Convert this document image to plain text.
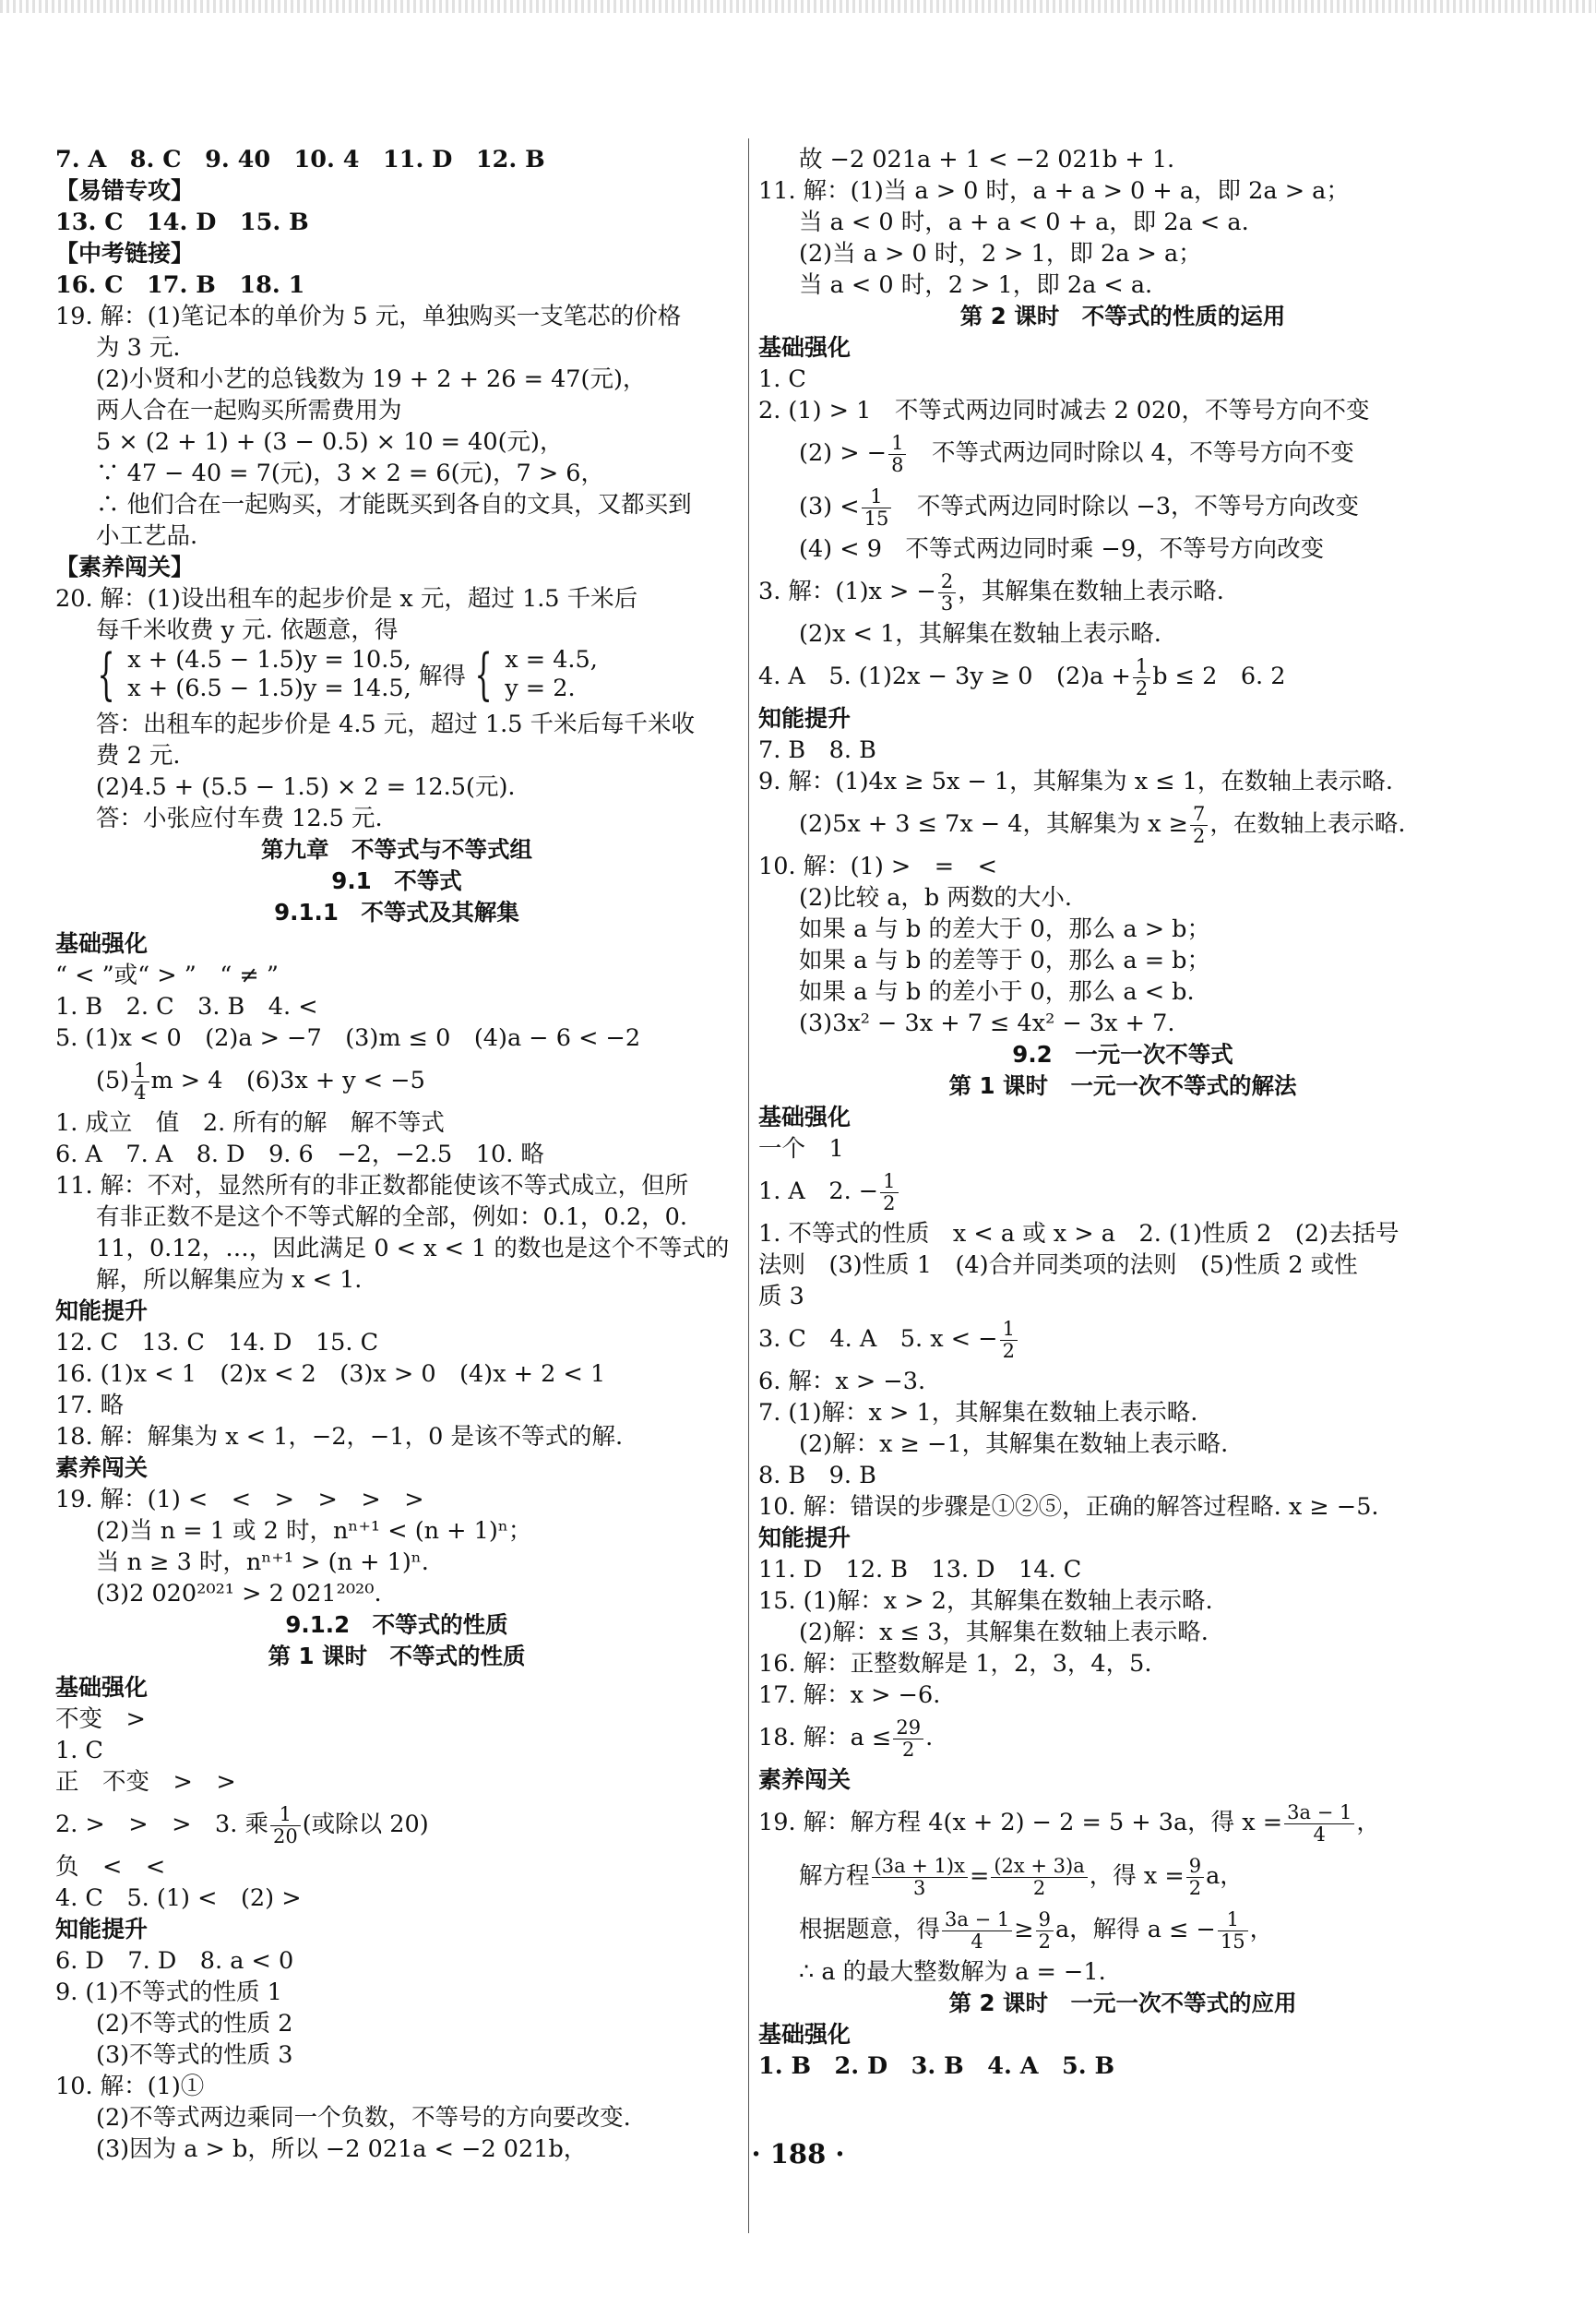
7. A　8. C　9. 40　10. 4　11. D　12. B
【易错专攻】
13. C　14. D　15. B
【中考链接】
16. C　17. B　18. 1
19. 解：(1)笔记本的单价为 5 元，单独购买一支笔芯的价格
为 3 元.
(2)小贤和小艺的总钱数为 19 + 2 + 26 = 47(元)，
两人合在一起购买所需费用为
5 × (2 + 1) + (3 − 0.5) × 10 = 40(元)，
∵ 47 − 40 = 7(元)，3 × 2 = 6(元)，7 > 6，
∴ 他们合在一起购买，才能既买到各自的文具，又都买到
小工艺品.
【素养闯关】
20. 解：(1)设出租车的起步价是 x 元，超过 1.5 千米后
每千米收费 y 元. 依题意，得
{ x + (4.5 − 1.5)y = 10.5,
x + (6.5 − 1.5)y = 14.5, 解得 { x = 4.5,
y = 2.
答：出租车的起步价是 4.5 元，超过 1.5 千米后每千米收
费 2 元.
(2)4.5 + (5.5 − 1.5) × 2 = 12.5(元).
答：小张应付车费 12.5 元.
第九章　不等式与不等式组
9.1　不等式
9.1.1　不等式及其解集
基础强化
“ < ”或“ > ”　“ ≠ ”
1. B　2. C　3. B　4. <
5. (1)x < 0　(2)a > −7　(3)m ≤ 0　(4)a − 6 < −2
$(5) \frac{1}{4}$ m > 4　(6)3x + y < −5
1. 成立　值　2. 所有的解　解不等式
6. A　7. A　8. D　9. 6　−2，−2.5　10. 略
11. 解：不对，显然所有的非正数都能使该不等式成立，但所
有非正数不是这个不等式解的全部，例如：0.1，0.2，0.
11，0.12，…，因此满足 0 < x < 1 的数也是这个不等式的
解，所以解集应为 x < 1.
知能提升
12. C　13. C　14. D　15. C
16. (1)x < 1　(2)x < 2　(3)x > 0　(4)x + 2 < 1
17. 略
18. 解：解集为 x < 1，−2，−1，0 是该不等式的解.
素养闯关
19. 解：(1) <　<　>　>　>　>
(2)当 n = 1 或 2 时，nⁿ⁺¹ < (n + 1)ⁿ；
当 n ≥ 3 时，nⁿ⁺¹ > (n + 1)ⁿ.
(3)2 020²⁰²¹ > 2 021²⁰²⁰.
9.1.2　不等式的性质
第 1 课时　不等式的性质
基础强化
不变　>
1. C
正　不变　>　>
2. >　>　>　3. 乘 $\frac{1}{20}$ (或除以 20)
负　<　<
4. C　5. (1) <　(2) >
知能提升
6. D　7. D　8. a < 0
9. (1)不等式的性质 1
(2)不等式的性质 2
(3)不等式的性质 3
10. 解：(1)①
(2)不等式两边乘同一个负数，不等号的方向要改变.
(3)因为 a > b，所以 −2 021a < −2 021b，
故 −2 021a + 1 < −2 021b + 1.
11. 解：(1)当 a > 0 时，a + a > 0 + a，即 2a > a；
当 a < 0 时，a + a < 0 + a，即 2a < a.
(2)当 a > 0 时，2 > 1，即 2a > a；
当 a < 0 时，2 > 1，即 2a < a.
第 2 课时　不等式的性质的运用
基础强化
1. C
2. (1) > 1　不等式两边同时减去 2 020，不等号方向不变
(2) > − $\frac{1}{8}$
　 不等式两边同时除以 4，不等号方向不变
$(3) < \frac{1}{15}$
　 不等式两边同时除以 −3，不等号方向改变
(4) < 9　不等式两边同时乘 −9，不等号方向改变
3. 解：(1)x > − $\frac{2}{3}$ ，其解集在数轴上表示略.
(2)x < 1，其解集在数轴上表示略.
4. A　5. (1)2x − 3y ≥ 0　$(2)a + \frac{1}{2}$ b ≤ 2　6. 2
知能提升
7. B　8. B
9. 解：(1)4x ≥ 5x − 1，其解集为 x ≤ 1，在数轴上表示略.
(2)5x + 3 ≤ 7x − 4，其解集为 $x \ge \frac{7}{2}$ ，在数轴上表示略.
10. 解：(1) >　=　<
(2)比较 a，b 两数的大小.
如果 a 与 b 的差大于 0，那么 a > b；
如果 a 与 b 的差等于 0，那么 a = b；
如果 a 与 b 的差小于 0，那么 a < b.
(3)3x² − 3x + 7 ≤ 4x² − 3x + 7.
9.2　一元一次不等式
第 1 课时　一元一次不等式的解法
基础强化
一个　1
1. A　2. − $\frac{1}{2}$
1. 不等式的性质　x < a 或 x > a　2. (1)性质 2　(2)去括号
法则　(3)性质 1　(4)合并同类项的法则　(5)性质 2 或性
质 3
3. C　4. A　5. x < − $\frac{1}{2}$
6. 解：x > −3.
7. (1)解：x > 1，其解集在数轴上表示略.
(2)解：x ≥ −1，其解集在数轴上表示略.
8. B　9. B
10. 解：错误的步骤是①②⑤，正确的解答过程略. x ≥ −5.
知能提升
11. D　12. B　13. D　14. C
15. (1)解：x > 2，其解集在数轴上表示略.
(2)解：x ≤ 3，其解集在数轴上表示略.
16. 解：正整数解是 1，2，3，4，5.
17. 解：x > −6.
18. 解：$a \le \frac{29}{2}$ .
素养闯关
19. 解：解方程 4(x + 2) − 2 = 5 + 3a，得 $x = \frac{3a - 1}{4}$ ，
解方程 $\frac{(3a + 1)x}{3} = \frac{(2x + 3)a}{2}$ ，得 $x = \frac{9}{2}$ a，
根据题意，得 $\frac{3a - 1}{4} \ge \frac{9}{2}$ a，解得 a ≤ − $\frac{1}{15}$ ，
∴ a 的最大整数解为 a = −1.
第 2 课时　一元一次不等式的应用
基础强化
1. B　2. D　3. B　4. A　5. B
· 188 ·
